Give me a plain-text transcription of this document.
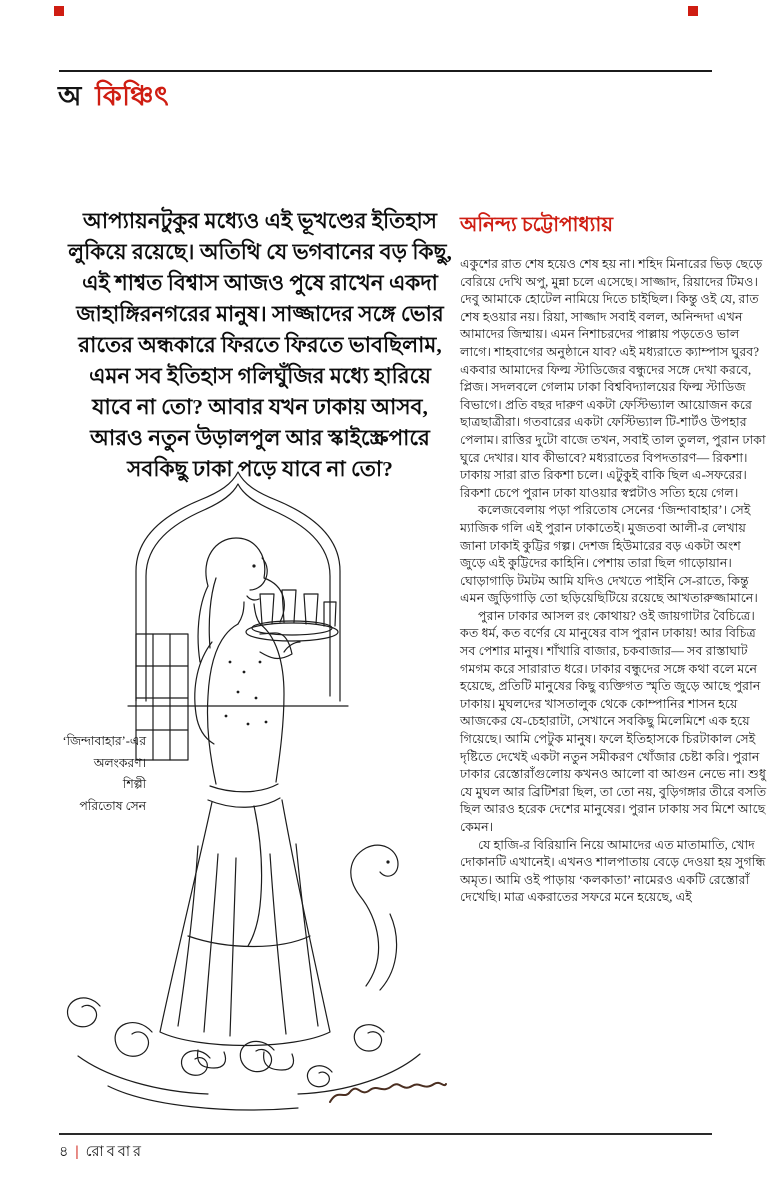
অ কিঞ্চিৎ
আপ্যায়নটুকুর মধ্যেও এই ভূখণ্ডের ইতিহাস লুকিয়ে রয়েছে। অতিথি যে ভগবানের বড় কিছু, এই শাশ্বত বিশ্বাস আজও পুষে রাখেন একদা জাহাঙ্গিরনগরের মানুষ। সাজ্জাদের সঙ্গে ভোর রাতের অন্ধকারে ফিরতে ফিরতে ভাবছিলাম, এমন সব ইতিহাস গলিঘুঁজির মধ্যে হারিয়ে যাবে না তো? আবার যখন ঢাকায় আসব, আরও নতুন উড়ালপুল আর স্কাইস্ক্রেপারে সবকিছু ঢাকা পড়ে যাবে না তো?
অনিন্দ্য চট্টোপাধ্যায়

একুশের রাত শেষ হয়েও শেষ হয় না। শহিদ মিনারের ভিড় ছেড়ে বেরিয়ে দেখি অপু, মুন্না চলে এসেছে। সাজ্জাদ, রিয়াদের টিমও। দেবু আমাকে হোটেল নামিয়ে দিতে চাইছিল। কিন্তু ওই যে, রাত শেষ হওয়ার নয়। রিয়া, সাজ্জাদ সবাই বলল, অনিন্দদা এখন আমাদের জিম্মায়। এমন নিশাচরদের পাল্লায় পড়তেও ভাল লাগে। শাহবাগের অনুষ্ঠানে যাব? এই মধ্যরাতে ক্যাম্পাস ঘুরব? একবার আমাদের ফিল্ম স্টাডিজের বন্ধুদের সঙ্গে দেখা করবে, প্লিজ। সদলবলে গেলাম ঢাকা বিশ্ববিদ্যালয়ের ফিল্ম স্টাডিজ বিভাগে। প্রতি বছর দারুণ একটা ফেস্টিভ্যাল আয়োজন করে ছাত্রছাত্রীরা। গতবারের একটা ফেস্টিভ্যাল টি-শার্টও উপহার পেলাম। রাত্তির দুটো বাজে তখন, সবাই তাল তুলল, পুরান ঢাকা ঘুরে দেখার। যাব কীভাবে? মধ্যরাতের বিপদতারণ— রিকশা। ঢাকায় সারা রাত রিকশা চলে। এটুকুই বাকি ছিল এ-সফরের। রিকশা চেপে পুরান ঢাকা যাওয়ার স্বপ্নটাও সত্যি হয়ে গেল।

কলেজবেলায় পড়া পরিতোষ সেনের ‘জিন্দাবাহার’। সেই ম্যাজিক গলি এই পুরান ঢাকাতেই। মুজতবা আলী-র লেখায় জানা ঢাকাই কুট্টির গল্প। দেশজ হিউমারের বড় একটা অংশ জুড়ে এই কুট্টিদের কাহিনি। পেশায় তারা ছিল গাড়োয়ান। ঘোড়াগাড়ি টমটম আমি যদিও দেখতে পাইনি সে-রাতে, কিন্তু এমন জুড়িগাড়ি তো ছড়িয়েছিটিয়ে রয়েছে আখতারুজ্জামানে।

পুরান ঢাকার আসল রং কোথায়? ওই জায়গাটার বৈচিত্রে। কত ধর্ম, কত বর্ণের যে মানুষের বাস পুরান ঢাকায়! আর বিচিত্র সব পেশার মানুষ। শাঁখারি বাজার, চকবাজার— সব রাস্তাঘাট গমগম করে সারারাত ধরে। ঢাকার বন্ধুদের সঙ্গে কথা বলে মনে হয়েছে, প্রতিটি মানুষের কিছু ব্যক্তিগত স্মৃতি জুড়ে আছে পুরান ঢাকায়। মুঘলদের খাসতালুক থেকে কোম্পানির শাসন হয়ে আজকের যে-চেহারাটা, সেখানে সবকিছু মিলেমিশে এক হয়ে গিয়েছে। আমি পেটুক মানুষ। ফলে ইতিহাসকে চিরটাকাল সেই দৃষ্টিতে দেখেই একটা নতুন সমীকরণ খোঁজার চেষ্টা করি। পুরান ঢাকার রেস্তোরাঁগুলোয় কখনও আলো বা আগুন নেভে না। শুধু যে মুঘল আর ব্রিটিশরা ছিল, তা তো নয়, বুড়িগঙ্গার তীরে বসতি ছিল আরও হরেক দেশের মানুষের। পুরান ঢাকায় সব মিশে আছে কেমন।

যে হাজি-র বিরিয়ানি নিয়ে আমাদের এত মাতামাতি, খোদ দোকানটি এখানেই। এখনও শালপাতায় বেড়ে দেওয়া হয় সুগন্ধি অমৃত। আমি ওই পাড়ায় ‘কলকাতা’ নামেরও একটি রেস্তোরাঁ দেখেছি। মাত্র একরাতের সফরে মনে হয়েছে, এই

‘জিন্দাবাহার’-এর
অলংকরণ।
শিল্পী
পরিতোষ সেন
৪ | রোববার
